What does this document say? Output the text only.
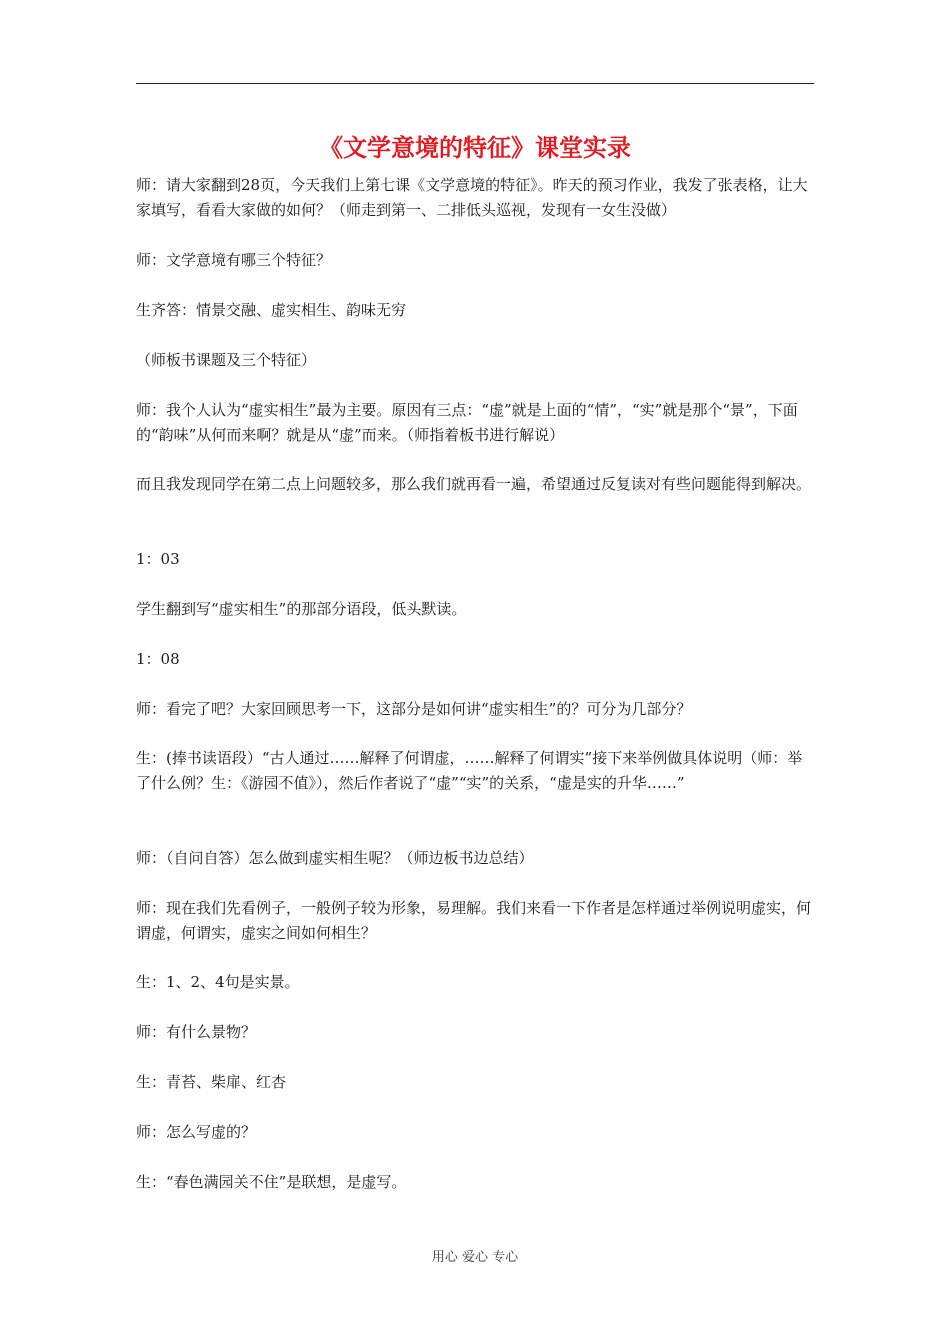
《文学意境的特征》课堂实录

师：请大家翻到28页，今天我们上第七课《文学意境的特征》。昨天的预习作业，我发了张表格，让大家填写，看看大家做的如何？（师走到第一、二排低头巡视，发现有一女生没做）

师：文学意境有哪三个特征？

生齐答：情景交融、虚实相生、韵味无穷

（师板书课题及三个特征）

师：我个人认为“虚实相生”最为主要。原因有三点：“虚”就是上面的“情”，“实”就是那个“景”，下面的“韵味”从何而来啊？就是从“虚”而来。（师指着板书进行解说）

而且我发现同学在第二点上问题较多，那么我们就再看一遍，希望通过反复读对有些问题能得到解决。

1：03

学生翻到写“虚实相生”的那部分语段，低头默读。

1：08

师：看完了吧？大家回顾思考一下，这部分是如何讲“虚实相生”的？可分为几部分？

生：(捧书读语段）“古人通过……解释了何谓虚，……解释了何谓实”接下来举例做具体说明（师：举了什么例？生：《游园不值》），然后作者说了“虚”“实”的关系，“虚是实的升华……”

师：（自问自答）怎么做到虚实相生呢？（师边板书边总结）

师：现在我们先看例子，一般例子较为形象，易理解。我们来看一下作者是怎样通过举例说明虚实，何谓虚，何谓实，虚实之间如何相生？

生：1、2、4句是实景。

师：有什么景物？

生：青苔、柴扉、红杏

师：怎么写虚的？

生：“春色满园关不住”是联想，是虚写。

用心 爱心 专心
